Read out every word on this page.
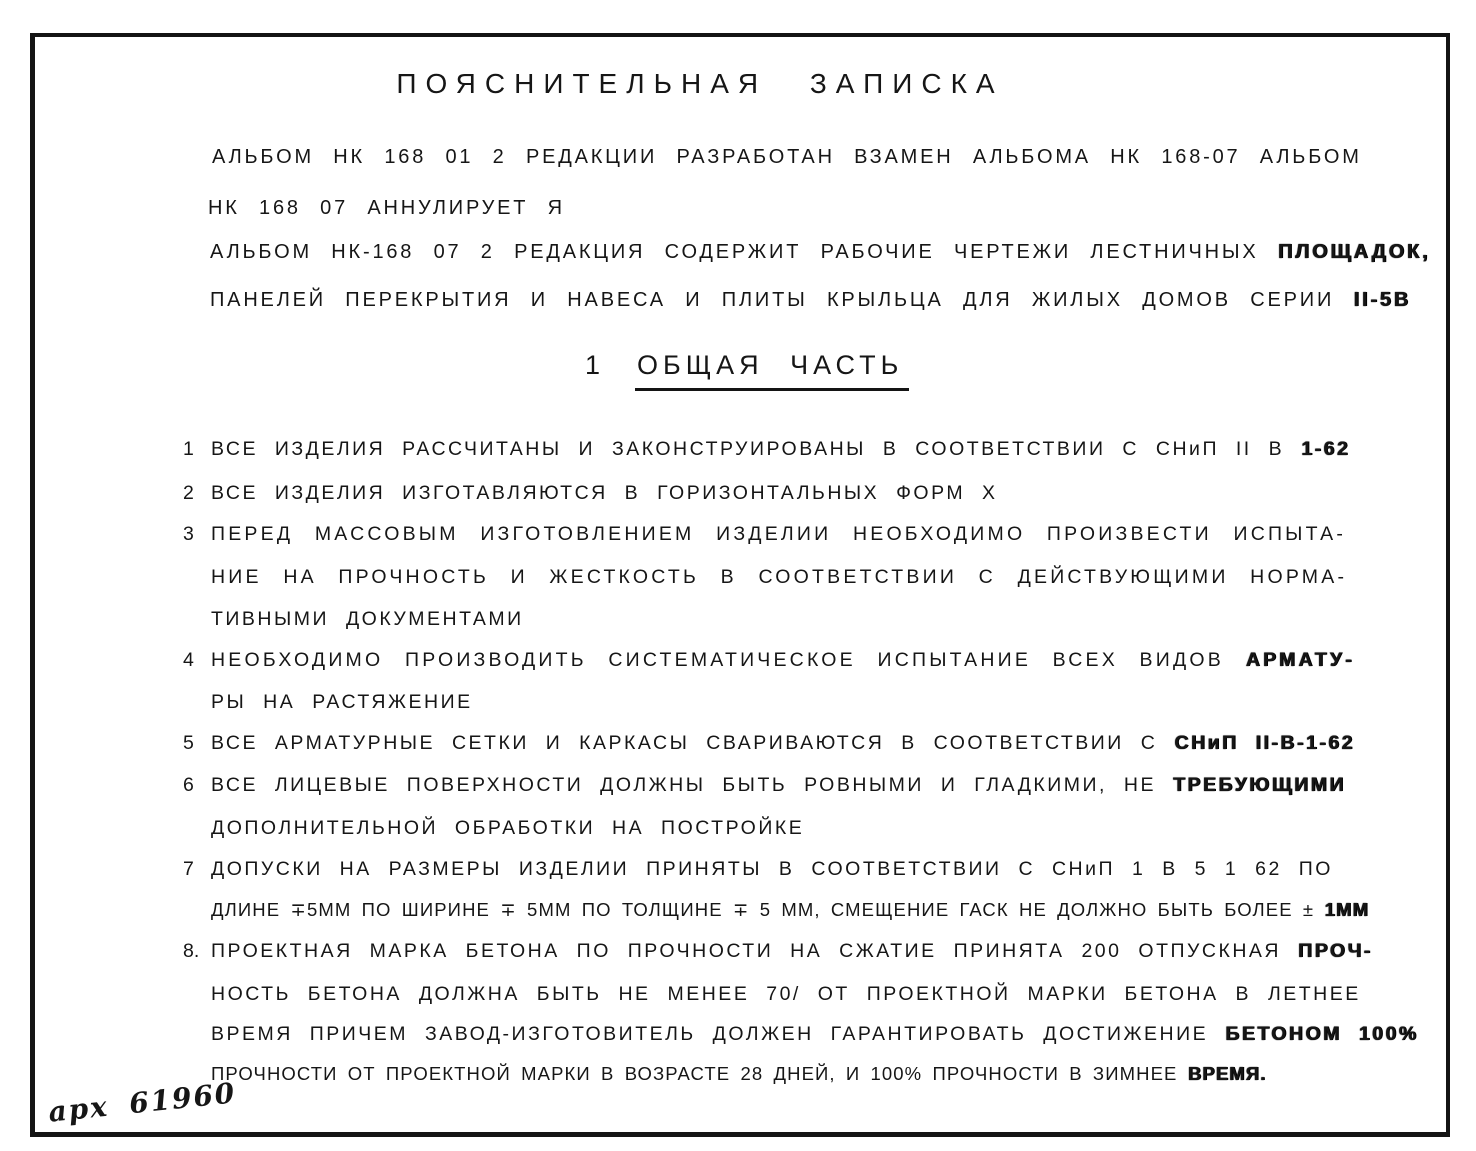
ПОЯСНИТЕЛЬНАЯ ЗАПИСКА
АЛЬБОМ НК 168 01 2 РЕДАКЦИИ РАЗРАБОТАН ВЗАМЕН АЛЬБОМА НК 168-07 АЛЬБОМ
НК 168 07 АННУЛИРУЕТ Я
АЛЬБОМ НК-168 07 2 РЕДАКЦИЯ СОДЕРЖИТ РАБОЧИЕ ЧЕРТЕЖИ ЛЕСТНИЧНЫХ ПЛОЩАДОК,
ПАНЕЛЕЙ ПЕРЕКРЫТИЯ И НАВЕСА И ПЛИТЫ КРЫЛЬЦА ДЛЯ ЖИЛЫХ ДОМОВ СЕРИИ II-5В
1 ОБЩАЯ ЧАСТЬ
1 ВСЕ ИЗДЕЛИЯ РАССЧИТАНЫ И ЗАКОНСТРУИРОВАНЫ В СООТВЕТСТВИИ С СНиП II В 1-62
2 ВСЕ ИЗДЕЛИЯ ИЗГОТАВЛЯЮТСЯ В ГОРИЗОНТАЛЬНЫХ ФОРМ Х
3 ПЕРЕД МАССОВЫМ ИЗГОТОВЛЕНИЕМ ИЗДЕЛИИ НЕОБХОДИМО ПРОИЗВЕСТИ ИСПЫТА-
НИЕ НА ПРОЧНОСТЬ И ЖЕСТКОСТЬ В СООТВЕТСТВИИ С ДЕЙСТВУЮЩИМИ НОРМА-
ТИВНЫМИ ДОКУМЕНТАМИ
4 НЕОБХОДИМО ПРОИЗВОДИТЬ СИСТЕМАТИЧЕСКОЕ ИСПЫТАНИЕ ВСЕХ ВИДОВ АРМАТУ-
РЫ НА РАСТЯЖЕНИЕ
5 ВСЕ АРМАТУРНЫЕ СЕТКИ И КАРКАСЫ СВАРИВАЮТСЯ В СООТВЕТСТВИИ С СНиП II-В-1-62
6 ВСЕ ЛИЦЕВЫЕ ПОВЕРХНОСТИ ДОЛЖНЫ БЫТЬ РОВНЫМИ И ГЛАДКИМИ, НЕ ТРЕБУЮЩИМИ
ДОПОЛНИТЕЛЬНОЙ ОБРАБОТКИ НА ПОСТРОЙКЕ
7 ДОПУСКИ НА РАЗМЕРЫ ИЗДЕЛИИ ПРИНЯТЫ В СООТВЕТСТВИИ С СНиП 1 В 5 1 62 ПО
ДЛИНЕ ∓5ММ ПО ШИРИНЕ ∓ 5ММ ПО ТОЛЩИНЕ ∓ 5 ММ, СМЕЩЕНИЕ ГАСК НЕ ДОЛЖНО БЫТЬ БОЛЕЕ ± 1ММ
8. ПРОЕКТНАЯ МАРКА БЕТОНА ПО ПРОЧНОСТИ НА СЖАТИЕ ПРИНЯТА 200 ОТПУСКНАЯ ПРОЧ-
НОСТЬ БЕТОНА ДОЛЖНА БЫТЬ НЕ МЕНЕЕ 70/ ОТ ПРОЕКТНОЙ МАРКИ БЕТОНА В ЛЕТНЕЕ
ВРЕМЯ ПРИЧЕМ ЗАВОД-ИЗГОТОВИТЕЛЬ ДОЛЖЕН ГАРАНТИРОВАТЬ ДОСТИЖЕНИЕ БЕТОНОМ 100%
ПРОЧНОСТИ ОТ ПРОЕКТНОЙ МАРКИ В ВОЗРАСТЕ 28 ДНЕЙ, И 100% ПРОЧНОСТИ В ЗИМНЕЕ ВРЕМЯ.
арх 61960
